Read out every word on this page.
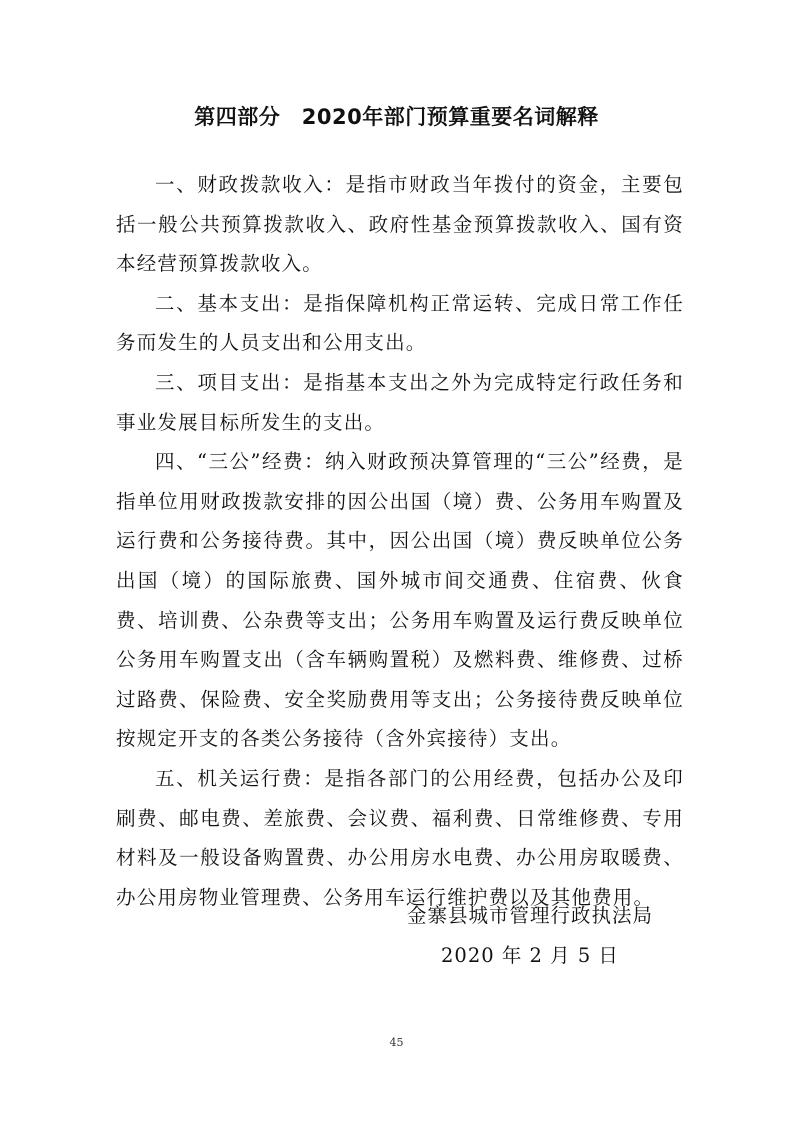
第四部分　2020年部门预算重要名词解释

一、财政拨款收入：是指市财政当年拨付的资金，主要包括一般公共预算拨款收入、政府性基金预算拨款收入、国有资本经营预算拨款收入。

二、基本支出：是指保障机构正常运转、完成日常工作任务而发生的人员支出和公用支出。

三、项目支出：是指基本支出之外为完成特定行政任务和事业发展目标所发生的支出。

四、“三公”经费：纳入财政预决算管理的“三公”经费，是指单位用财政拨款安排的因公出国（境）费、公务用车购置及运行费和公务接待费。其中，因公出国（境）费反映单位公务出国（境）的国际旅费、国外城市间交通费、住宿费、伙食费、培训费、公杂费等支出；公务用车购置及运行费反映单位公务用车购置支出（含车辆购置税）及燃料费、维修费、过桥过路费、保险费、安全奖励费用等支出；公务接待费反映单位按规定开支的各类公务接待（含外宾接待）支出。

五、机关运行费：是指各部门的公用经费，包括办公及印刷费、邮电费、差旅费、会议费、福利费、日常维修费、专用材料及一般设备购置费、办公用房水电费、办公用房取暖费、办公用房物业管理费、公务用车运行维护费以及其他费用。

金寨县城市管理行政执法局

2020 年 2 月 5 日

45
